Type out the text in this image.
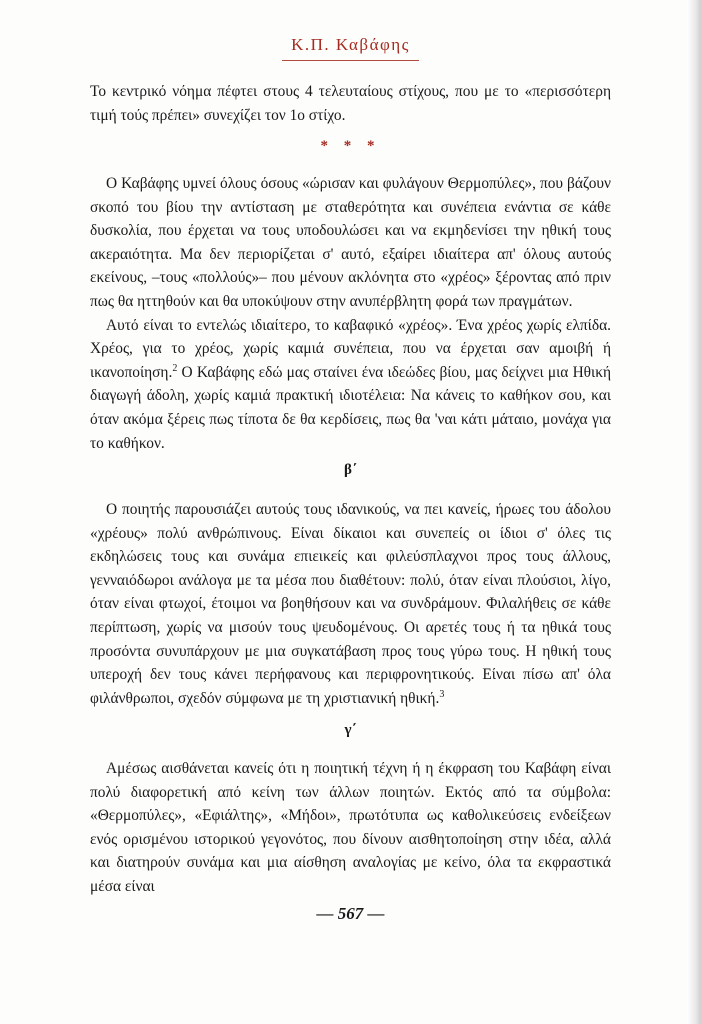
Κ.Π. Καβάφης

Το κεντρικό νόημα πέφτει στους 4 τελευταίους στίχους, που με το «περισσότερη τιμή τούς πρέπει» συνεχίζει τον 1ο στίχο.

* * *

Ο Καβάφης υμνεί όλους όσους «ώρισαν και φυλάγουν Θερμοπύλες», που βάζουν σκοπό του βίου την αντίσταση με σταθερότητα και συνέπεια ενάντια σε κάθε δυσκολία, που έρχεται να τους υποδουλώσει και να εκμηδενίσει την ηθική τους ακεραιότητα. Μα δεν περιορίζεται σ' αυτό, εξαίρει ιδιαίτερα απ' όλους αυτούς εκείνους, –τους «πολλούς»– που μένουν ακλόνητα στο «χρέος» ξέροντας από πριν πως θα ηττηθούν και θα υποκύψουν στην ανυπέρβλητη φορά των πραγμάτων.

Αυτό είναι το εντελώς ιδιαίτερο, το καβαφικό «χρέος». Ένα χρέος χωρίς ελπίδα. Χρέος, για το χρέος, χωρίς καμιά συνέπεια, που να έρχεται σαν αμοιβή ή ικανοποίηση.$^2$ Ο Καβάφης εδώ μας σταίνει ένα ιδεώδες βίου, μας δείχνει μια Ηθική διαγωγή άδολη, χωρίς καμιά πρακτική ιδιοτέλεια: Να κάνεις το καθήκον σου, και όταν ακόμα ξέρεις πως τίποτα δε θα κερδίσεις, πως θα 'ναι κάτι μάταιο, μονάχα για το καθήκον.

β΄

Ο ποιητής παρουσιάζει αυτούς τους ιδανικούς, να πει κανείς, ήρωες του άδολου «χρέους» πολύ ανθρώπινους. Είναι δίκαιοι και συνεπείς οι ίδιοι σ' όλες τις εκδηλώσεις τους και συνάμα επιεικείς και φιλεύσπλαχνοι προς τους άλλους, γενναιόδωροι ανάλογα με τα μέσα που διαθέτουν: πολύ, όταν είναι πλούσιοι, λίγο, όταν είναι φτωχοί, έτοιμοι να βοηθήσουν και να συνδράμουν. Φιλαλήθεις σε κάθε περίπτωση, χωρίς να μισούν τους ψευδομένους. Οι αρετές τους ή τα ηθικά τους προσόντα συνυπάρχουν με μια συγκατάβαση προς τους γύρω τους. Η ηθική τους υπεροχή δεν τους κάνει περήφανους και περιφρονητικούς. Είναι πίσω απ' όλα φιλάνθρωποι, σχεδόν σύμφωνα με τη χριστιανική ηθική.$^3$

γ΄

Αμέσως αισθάνεται κανείς ότι η ποιητική τέχνη ή η έκφραση του Καβάφη είναι πολύ διαφορετική από κείνη των άλλων ποιητών. Εκτός από τα σύμβολα: «Θερμοπύλες», «Εφιάλτης», «Μήδοι», πρωτότυπα ως καθολικεύσεις ενδείξεων ενός ορισμένου ιστορικού γεγονότος, που δίνουν αισθητοποίηση στην ιδέα, αλλά και διατηρούν συνάμα και μια αίσθηση αναλογίας με κείνο, όλα τα εκφραστικά μέσα είναι

— 567 —
